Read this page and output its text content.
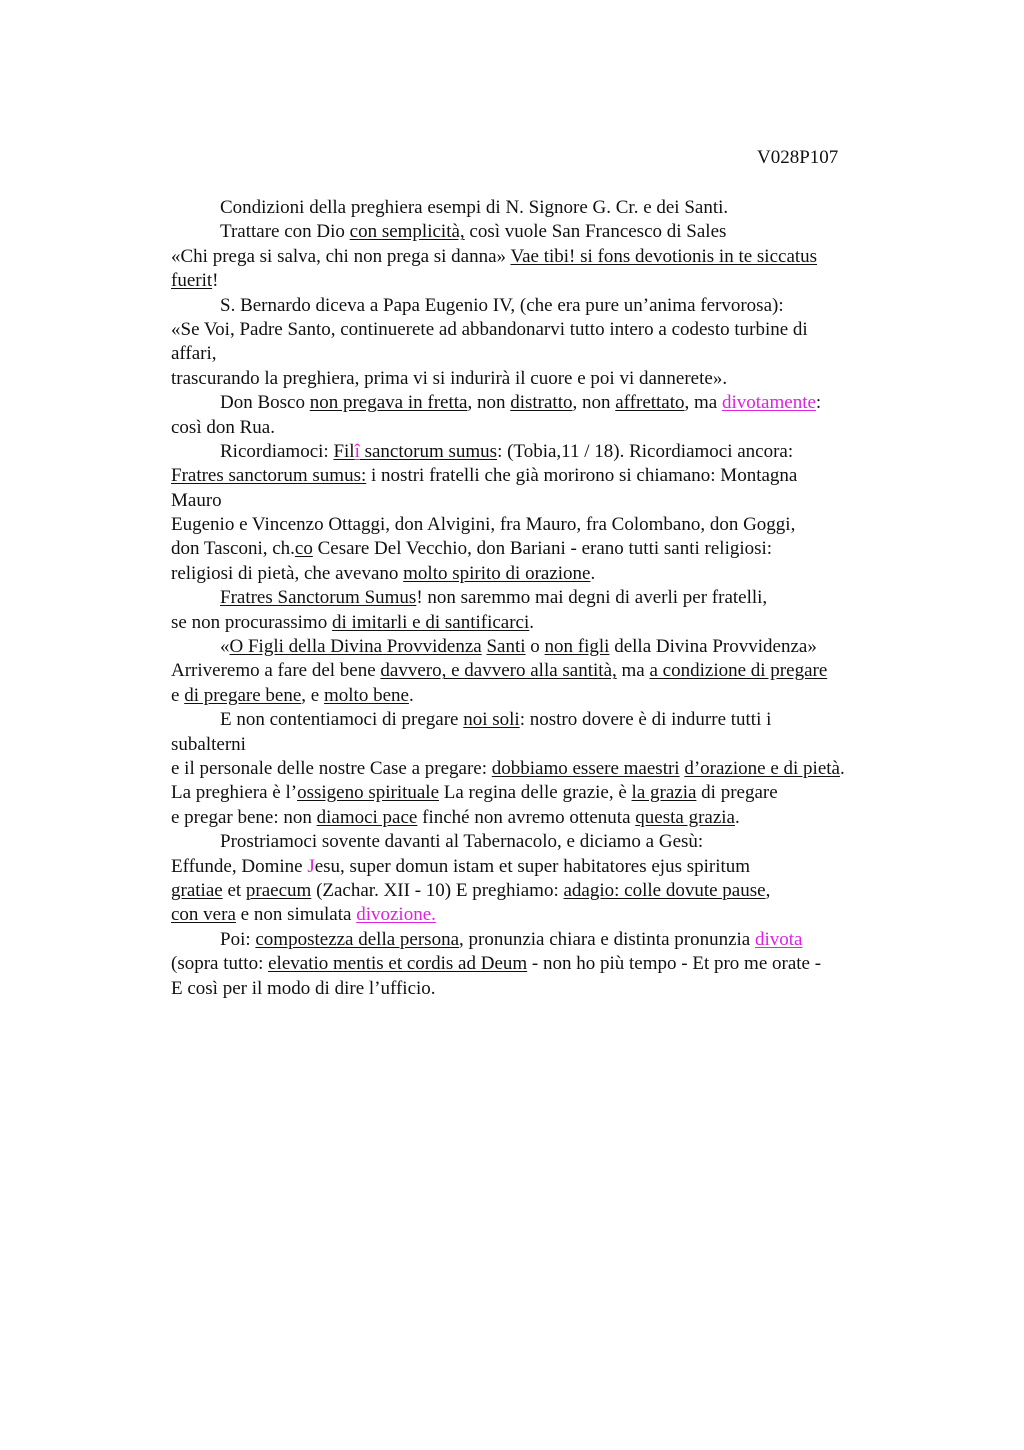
V028P107
Condizioni della preghiera esempi di N. Signore G. Cr. e dei Santi.
Trattare con Dio con semplicità, così vuole San Francesco di Sales
«Chi prega si salva, chi non prega si danna» Vae tibi! si fons devotionis in te siccatus
fuerit!
S. Bernardo diceva a Papa Eugenio IV, (che era pure un’anima fervorosa):
«Se Voi, Padre Santo, continuerete ad abbandonarvi tutto intero a codesto turbine di
affari,
trascurando la preghiera, prima vi si indurirà il cuore e poi vi dannerete».
Don Bosco non pregava in fretta, non distratto, non affrettato, ma divotamente:
così don Rua.
Ricordiamoci: Filî sanctorum sumus: (Tobia,11 / 18). Ricordiamoci ancora:
Fratres sanctorum sumus: i nostri fratelli che già morirono si chiamano: Montagna
Mauro
Eugenio e Vincenzo Ottaggi, don Alvigini, fra Mauro, fra Colombano, don Goggi,
don Tasconi, ch.co Cesare Del Vecchio, don Bariani - erano tutti santi religiosi:
religiosi di pietà, che avevano molto spirito di orazione.
Fratres Sanctorum Sumus! non saremmo mai degni di averli per fratelli,
se non procurassimo di imitarli e di santificarci.
«O Figli della Divina Provvidenza Santi o non figli della Divina Provvidenza»
Arriveremo a fare del bene davvero, e davvero alla santità, ma a condizione di pregare
e di pregare bene, e molto bene.
E non contentiamoci di pregare noi soli: nostro dovere è di indurre tutti i
subalterni
e il personale delle nostre Case a pregare: dobbiamo essere maestri d’orazione e di pietà.
La preghiera è l’ossigeno spirituale La regina delle grazie, è la grazia di pregare
e pregar bene: non diamoci pace finché non avremo ottenuta questa grazia.
Prostriamoci sovente davanti al Tabernacolo, e diciamo a Gesù:
Effunde, Domine Jesu, super domun istam et super habitatores ejus spiritum
gratiae et praecum (Zachar. XII - 10) E preghiamo: adagio: colle dovute pause,
con vera e non simulata divozione.
Poi: compostezza della persona, pronunzia chiara e distinta pronunzia divota
(sopra tutto: elevatio mentis et cordis ad Deum - non ho più tempo - Et pro me orate -
E così per il modo di dire l’ufficio.
